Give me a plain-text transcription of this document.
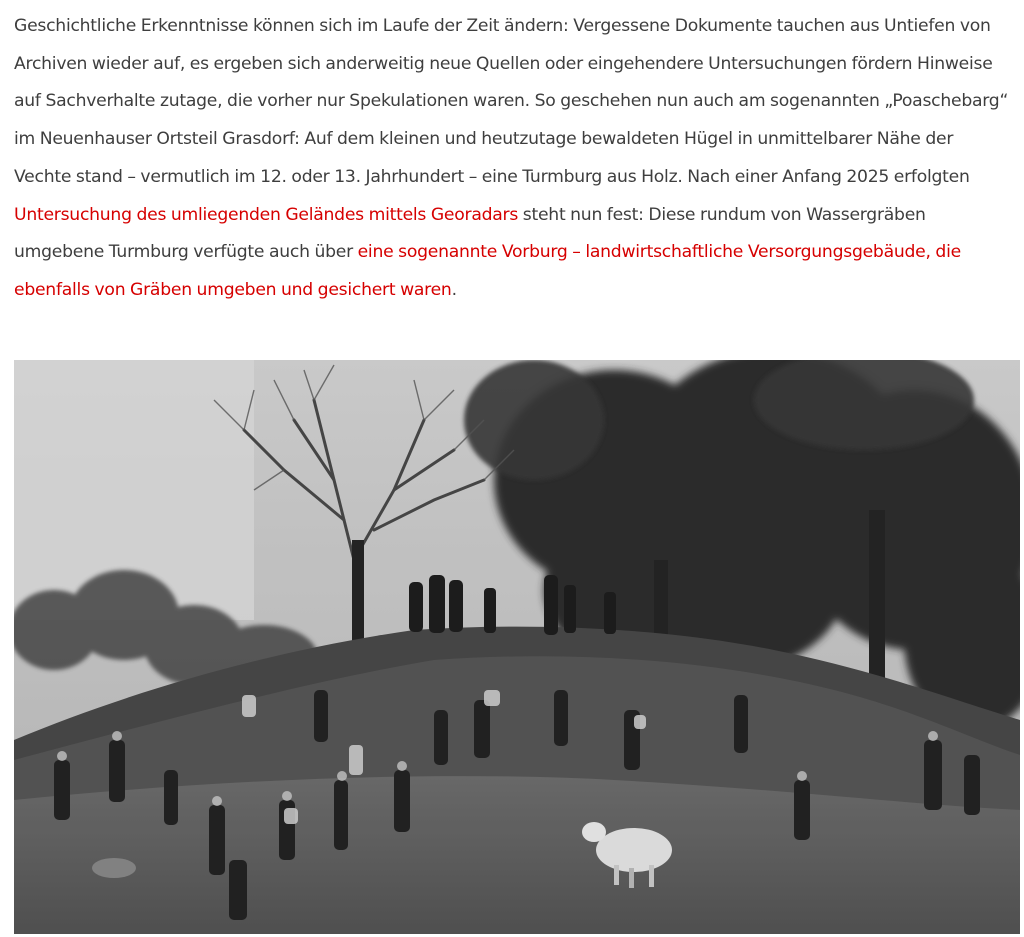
Geschichtliche Erkenntnisse können sich im Laufe der Zeit ändern: Vergessene Dokumente tauchen aus Untiefen von Archiven wieder auf, es ergeben sich anderweitig neue Quellen oder eingehendere Untersuchungen fördern Hinweise auf Sachverhalte zutage, die vorher nur Spekulationen waren. So geschehen nun auch am sogenannten „Poaschebarg“ im Neuenhauser Ortsteil Grasdorf: Auf dem kleinen und heutzutage bewaldeten Hügel in unmittelbarer Nähe der Vechte stand – vermutlich im 12. oder 13. Jahrhundert – eine Turmburg aus Holz. Nach einer Anfang 2025 erfolgten Untersuchung des umliegenden Geländes mittels Georadars steht nun fest: Diese rundum von Wassergräben umgebene Turmburg verfügte auch über eine sogenannte Vorburg – landwirtschaftliche Versorgungsgebäude, die ebenfalls von Gräben umgeben und gesichert waren.
